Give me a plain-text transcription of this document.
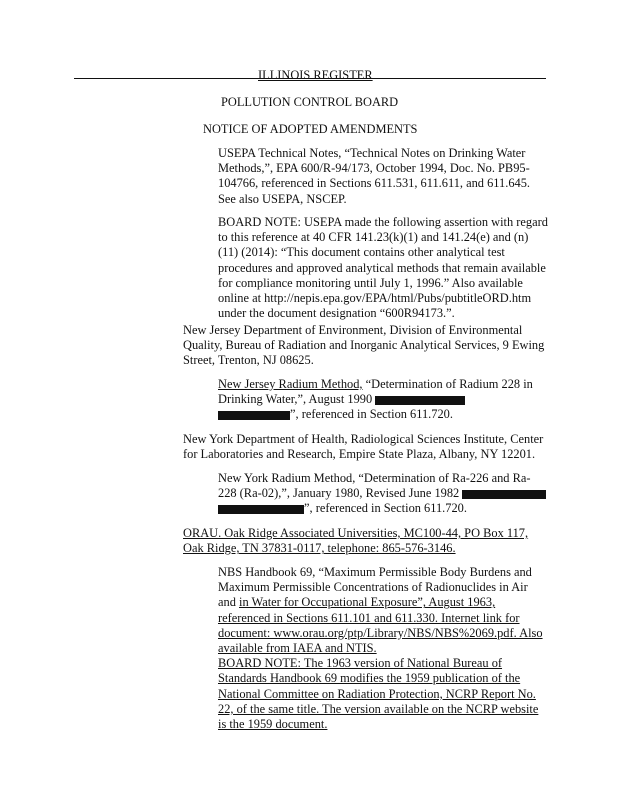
ILLINOIS REGISTER
POLLUTION CONTROL BOARD
NOTICE OF ADOPTED AMENDMENTS
USEPA Technical Notes, “Technical Notes on Drinking Water Methods,”, EPA 600/R-94/173, October 1994, Doc. No. PB95-104766, referenced in Sections 611.531, 611.611, and 611.645. See also USEPA, NSCEP.
BOARD NOTE: USEPA made the following assertion with regard to this reference at 40 CFR 141.23(k)(1) and 141.24(e) and (n)(11) (2014): “This document contains other analytical test procedures and approved analytical methods that remain available for compliance monitoring until July 1, 1996.” Also available online at http://nepis.epa.gov/EPA/html/Pubs/pubtitleORD.htm under the document designation “600R94173.”.
New Jersey Department of Environment, Division of Environmental Quality, Bureau of Radiation and Inorganic Analytical Services, 9 Ewing Street, Trenton, NJ 08625.
New Jersey Radium Method, “Determination of Radium 228 in Drinking Water,”, August 1990
”, referenced in Section 611.720.
New York Department of Health, Radiological Sciences Institute, Center for Laboratories and Research, Empire State Plaza, Albany, NY 12201.
New York Radium Method, “Determination of Ra-226 and Ra-228 (Ra-02),”, January 1980, Revised June 1982
”, referenced in Section 611.720.
ORAU. Oak Ridge Associated Universities, MC100-44, PO Box 117, Oak Ridge, TN 37831-0117, telephone: 865-576-3146.
NBS Handbook 69, “Maximum Permissible Body Burdens and Maximum Permissible Concentrations of Radionuclides in Air and in Water for Occupational Exposure”, August 1963, referenced in Sections 611.101 and 611.330. Internet link for document: www.orau.org/ptp/Library/NBS/NBS%2069.pdf. Also available from IAEA and NTIS.
BOARD NOTE: The 1963 version of National Bureau of Standards Handbook 69 modifies the 1959 publication of the National Committee on Radiation Protection, NCRP Report No. 22, of the same title. The version available on the NCRP website is the 1959 document.
